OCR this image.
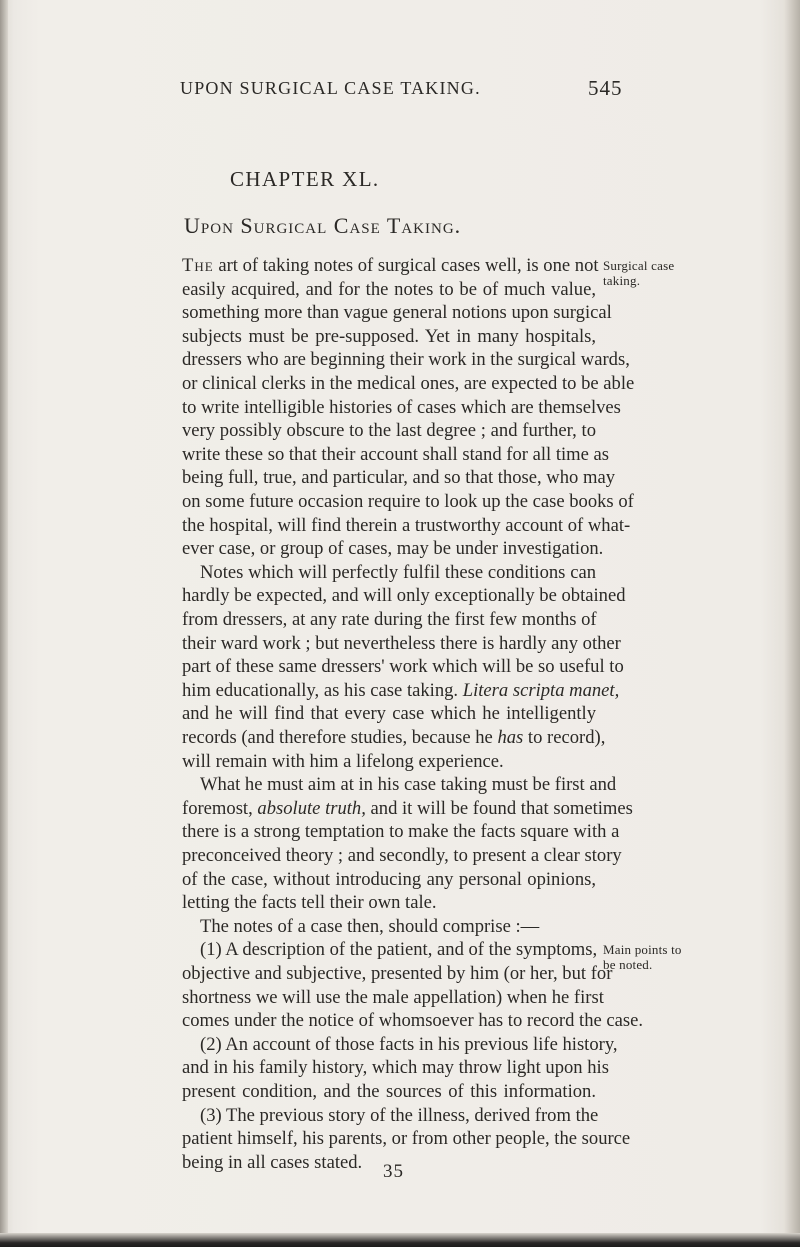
UPON SURGICAL CASE TAKING.	545
CHAPTER XL.
Upon Surgical Case Taking.
The art of taking notes of surgical cases well, is one not
easily acquired, and for the notes to be of much value,
something more than vague general notions upon surgical
subjects must be pre-supposed. Yet in many hospitals,
dressers who are beginning their work in the surgical wards,
or clinical clerks in the medical ones, are expected to be able
to write intelligible histories of cases which are themselves
very possibly obscure to the last degree ; and further, to
write these so that their account shall stand for all time as
being full, true, and particular, and so that those, who may
on some future occasion require to look up the case books of
the hospital, will find therein a trustworthy account of what-
ever case, or group of cases, may be under investigation.
Notes which will perfectly fulfil these conditions can
hardly be expected, and will only exceptionally be obtained
from dressers, at any rate during the first few months of
their ward work ; but nevertheless there is hardly any other
part of these same dressers' work which will be so useful to
him educationally, as his case taking. Litera scripta manet,
and he will find that every case which he intelligently
records (and therefore studies, because he has to record),
will remain with him a lifelong experience.
What he must aim at in his case taking must be first and
foremost, absolute truth, and it will be found that sometimes
there is a strong temptation to make the facts square with a
preconceived theory ; and secondly, to present a clear story
of the case, without introducing any personal opinions,
letting the facts tell their own tale.
The notes of a case then, should comprise :—
(1) A description of the patient, and of the symptoms,
objective and subjective, presented by him (or her, but for
shortness we will use the male appellation) when he first
comes under the notice of whomsoever has to record the case.
(2) An account of those facts in his previous life history,
and in his family history, which may throw light upon his
present condition, and the sources of this information.
(3) The previous story of the illness, derived from the
patient himself, his parents, or from other people, the source
being in all cases stated.
Surgical case
taking.
Main points to
be noted.
35
